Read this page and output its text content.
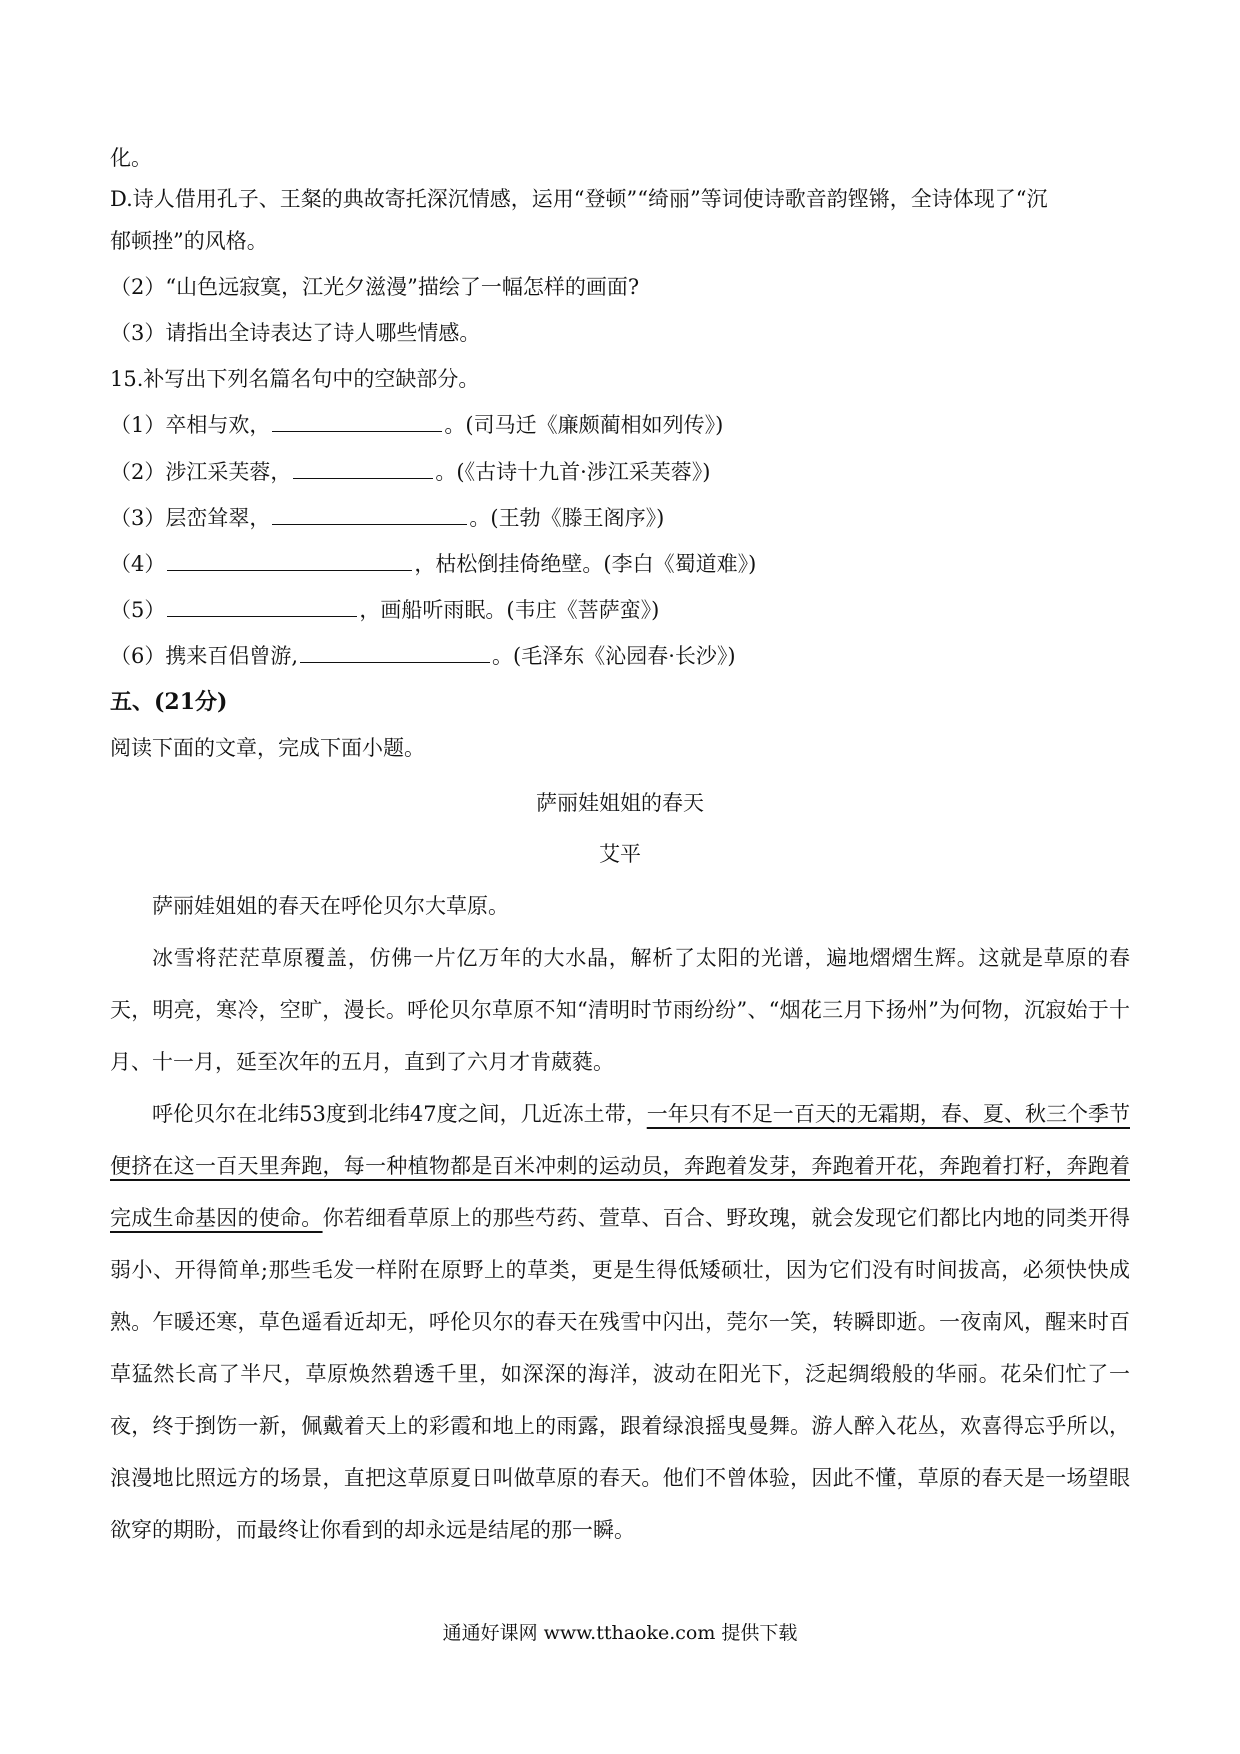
化。
D.诗人借用孔子、王粲的典故寄托深沉情感，运用“登顿”“绮丽”等词使诗歌音韵铿锵，全诗体现了“沉
郁顿挫”的风格。
（2）“山色远寂寞，江光夕滋漫”描绘了一幅怎样的画面?
（3）请指出全诗表达了诗人哪些情感。
15.补写出下列名篇名句中的空缺部分。
（1）卒相与欢，	。(司马迁《廉颇蔺相如列传》)
（2）涉江采芙蓉，	。(《古诗十九首·涉江采芙蓉》)
（3）层峦耸翠，	。(王勃《滕王阁序》)
（4）	，枯松倒挂倚绝壁。(李白《蜀道难》)
（5）	，画船听雨眠。(韦庄《菩萨蛮》)
（6）携来百侣曾游,	。(毛泽东《沁园春·长沙》)
五、(21分)
阅读下面的文章，完成下面小题。
萨丽娃姐姐的春天
艾平
萨丽娃姐姐的春天在呼伦贝尔大草原。
冰雪将茫茫草原覆盖，仿佛一片亿万年的大水晶，解析了太阳的光谱，遍地熠熠生辉。这就是草原的春天，明亮，寒冷，空旷，漫长。呼伦贝尔草原不知“清明时节雨纷纷”、“烟花三月下扬州”为何物，沉寂始于十月、十一月，延至次年的五月，直到了六月才肯葳蕤。
呼伦贝尔在北纬53度到北纬47度之间，几近冻土带，一年只有不足一百天的无霜期，春、夏、秋三个季节便挤在这一百天里奔跑，每一种植物都是百米冲刺的运动员，奔跑着发芽，奔跑着开花，奔跑着打籽，奔跑着完成生命基因的使命。你若细看草原上的那些芍药、萱草、百合、野玫瑰，就会发现它们都比内地的同类开得弱小、开得简单;那些毛发一样附在原野上的草类，更是生得低矮硕壮，因为它们没有时间拔高，必须快快成熟。乍暖还寒，草色遥看近却无，呼伦贝尔的春天在残雪中闪出，莞尔一笑，转瞬即逝。一夜南风，醒来时百草猛然长高了半尺，草原焕然碧透千里，如深深的海洋，波动在阳光下，泛起绸缎般的华丽。花朵们忙了一夜，终于捯饬一新，佩戴着天上的彩霞和地上的雨露，跟着绿浪摇曳曼舞。游人醉入花丛，欢喜得忘乎所以，浪漫地比照远方的场景，直把这草原夏日叫做草原的春天。他们不曾体验，因此不懂，草原的春天是一场望眼欲穿的期盼，而最终让你看到的却永远是结尾的那一瞬。
通通好课网 www.tthaoke.com 提供下载
